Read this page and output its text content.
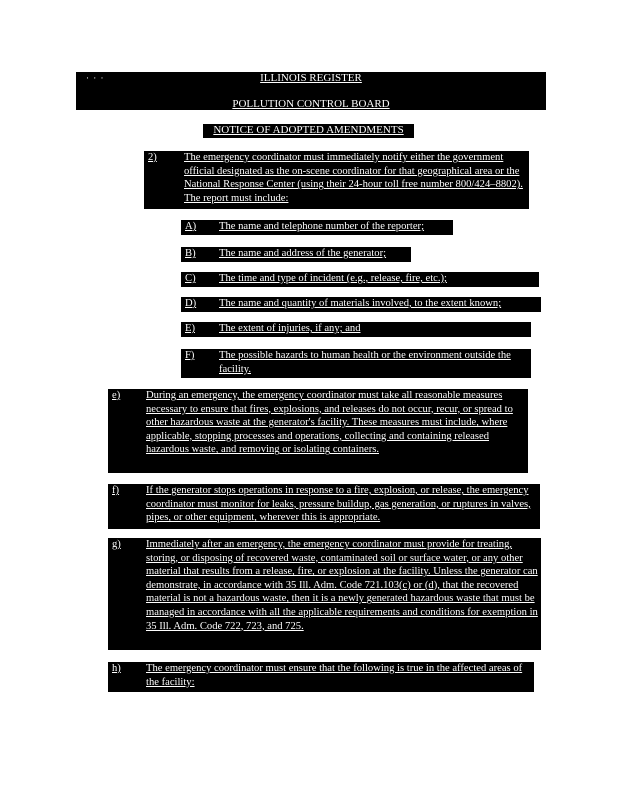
· · ·	ILLINOIS REGISTER
POLLUTION CONTROL BOARD
NOTICE OF ADOPTED AMENDMENTS
2)	The emergency coordinator must immediately notify either the government official designated as the on-scene coordinator for that geographical area or the National Response Center (using their 24-hour toll free number 800/424–8802). The report must include:
A) The name and telephone number of the reporter;
B) The name and address of the generator;
C) The time and type of incident (e.g., release, fire, etc.);
D) The name and quantity of materials involved, to the extent known;
E) The extent of injuries, if any; and
F) The possible hazards to human health or the environment outside the facility.
e) During an emergency, the emergency coordinator must take all reasonable measures necessary to ensure that fires, explosions, and releases do not occur, recur, or spread to other hazardous waste at the generator's facility. These measures must include, where applicable, stopping processes and operations, collecting and containing released hazardous waste, and removing or isolating containers.
f)	If the generator stops operations in response to a fire, explosion, or release, the emergency coordinator must monitor for leaks, pressure buildup, gas generation, or ruptures in valves, pipes, or other equipment, wherever this is appropriate.
g) Immediately after an emergency, the emergency coordinator must provide for treating, storing, or disposing of recovered waste, contaminated soil or surface water, or any other material that results from a release, fire, or explosion at the facility. Unless the generator can demonstrate, in accordance with 35 Ill. Adm. Code 721.103(c) or (d), that the recovered material is not a hazardous waste, then it is a newly generated hazardous waste that must be managed in accordance with all the applicable requirements and conditions for exemption in 35 Ill. Adm. Code 722, 723, and 725.
h) The emergency coordinator must ensure that the following is true in the affected areas of the facility:
